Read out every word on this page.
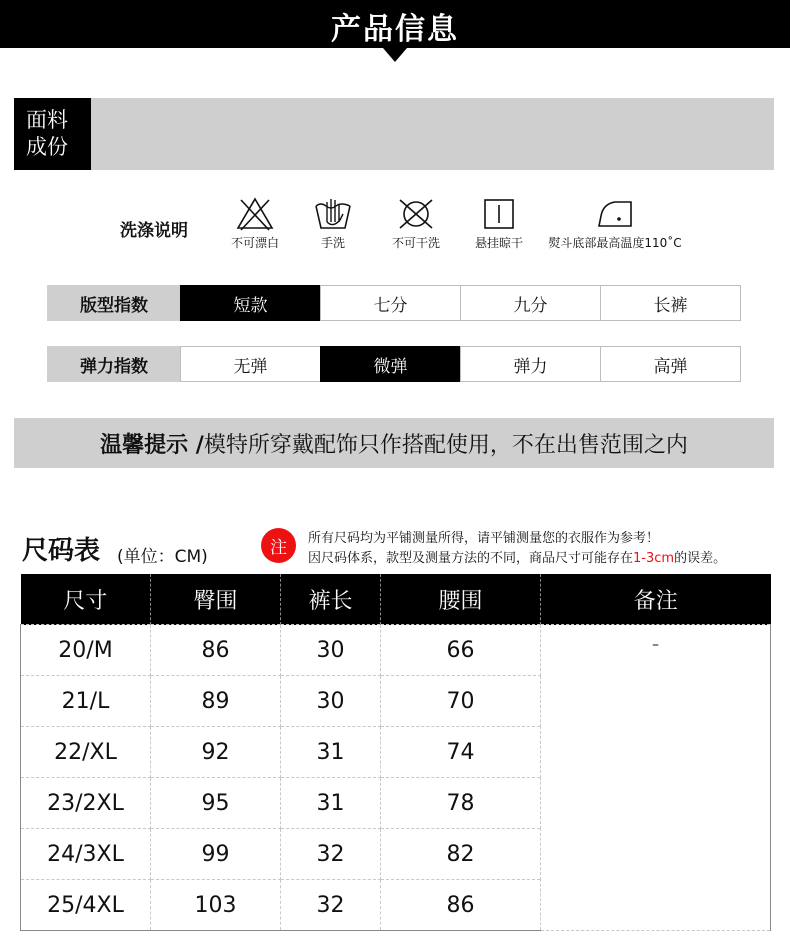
产品信息
面料
成份
洗涤说明
不可漂白	手洗	不可干洗	悬挂晾干	熨斗底部最高温度110˚C
版型指数	短款	七分	九分	长裤
弹力指数	无弹	微弹	弹力	高弹
温馨提示 / 模特所穿戴配饰只作搭配使用，不在出售范围之内
尺码表 (单位：CM)	注	所有尺码均为平铺测量所得，请平铺测量您的衣服作为参考！
因尺码体系，款型及测量方法的不同，商品尺寸可能存在1-3cm的误差。
尺寸	臀围	裤长	腰围	备注
20/M	86	30	66	–
21/L	89	30	70	
22/XL	92	31	74	
23/2XL	95	31	78	
24/3XL	99	32	82	
25/4XL	103	32	86	
